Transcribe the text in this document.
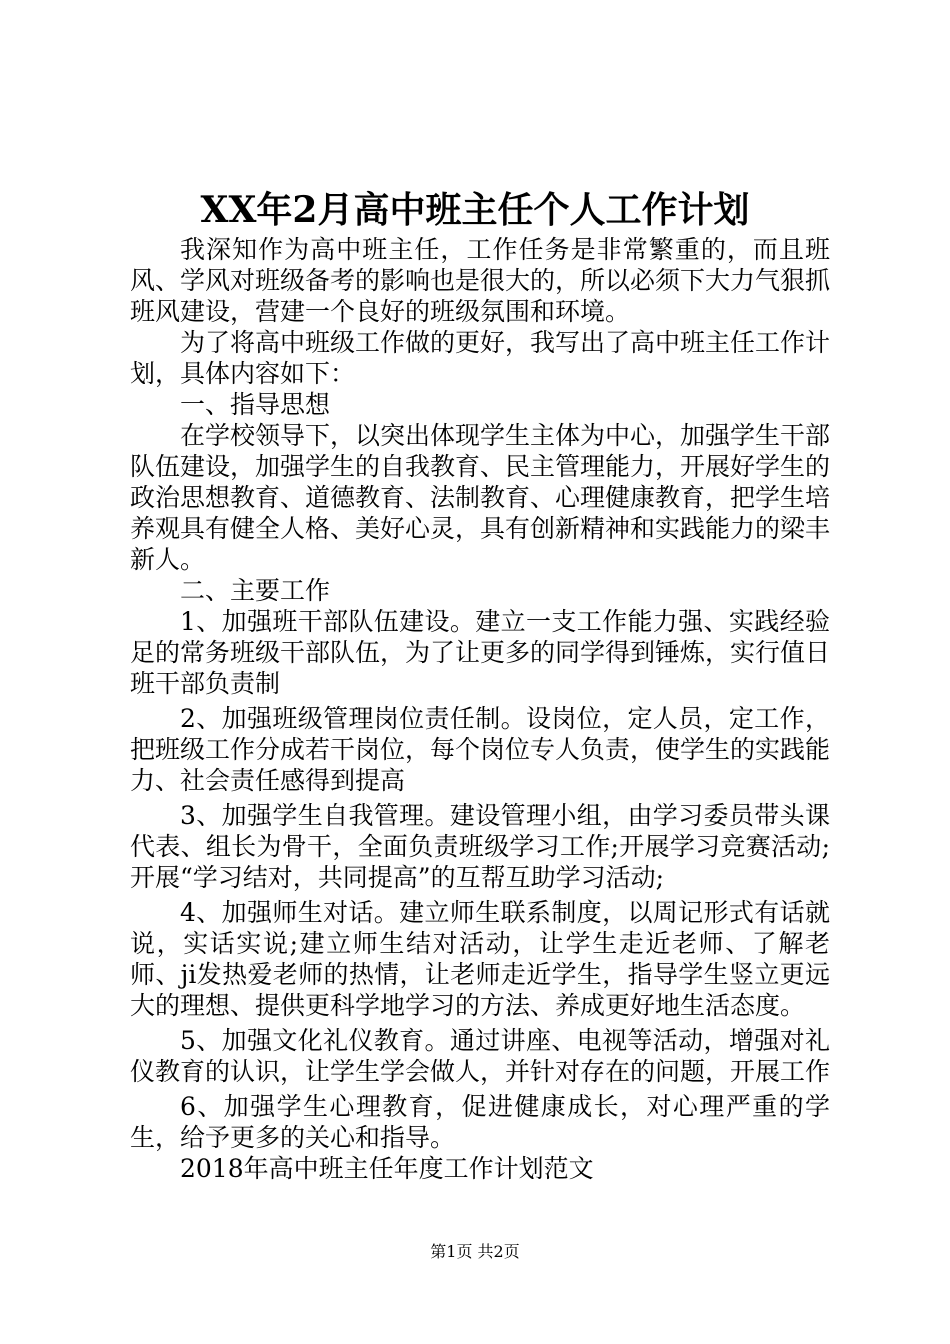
XX年2月高中班主任个人工作计划

我深知作为高中班主任，工作任务是非常繁重的，而且班风、学风对班级备考的影响也是很大的，所以必须下大力气狠抓班风建设，营建一个良好的班级氛围和环境。

为了将高中班级工作做的更好，我写出了高中班主任工作计划，具体内容如下：

一、指导思想

在学校领导下，以突出体现学生主体为中心，加强学生干部队伍建设，加强学生的自我教育、民主管理能力，开展好学生的政治思想教育、道德教育、法制教育、心理健康教育，把学生培养观具有健全人格、美好心灵，具有创新精神和实践能力的梁丰新人。

二、主要工作

1、加强班干部队伍建设。建立一支工作能力强、实践经验足的常务班级干部队伍，为了让更多的同学得到锤炼，实行值日班干部负责制

2、加强班级管理岗位责任制。设岗位，定人员，定工作，把班级工作分成若干岗位，每个岗位专人负责，使学生的实践能力、社会责任感得到提高

3、加强学生自我管理。建设管理小组，由学习委员带头课代表、组长为骨干，全面负责班级学习工作;开展学习竞赛活动;开展“学习结对，共同提高”的互帮互助学习活动;

4、加强师生对话。建立师生联系制度，以周记形式有话就说，实话实说;建立师生结对活动，让学生走近老师、了解老师、ji发热爱老师的热情，让老师走近学生，指导学生竖立更远大的理想、提供更科学地学习的方法、养成更好地生活态度。

5、加强文化礼仪教育。通过讲座、电视等活动，增强对礼仪教育的认识，让学生学会做人，并针对存在的问题，开展工作

6、加强学生心理教育，促进健康成长，对心理严重的学生，给予更多的关心和指导。

2018年高中班主任年度工作计划范文

第1页 共2页
